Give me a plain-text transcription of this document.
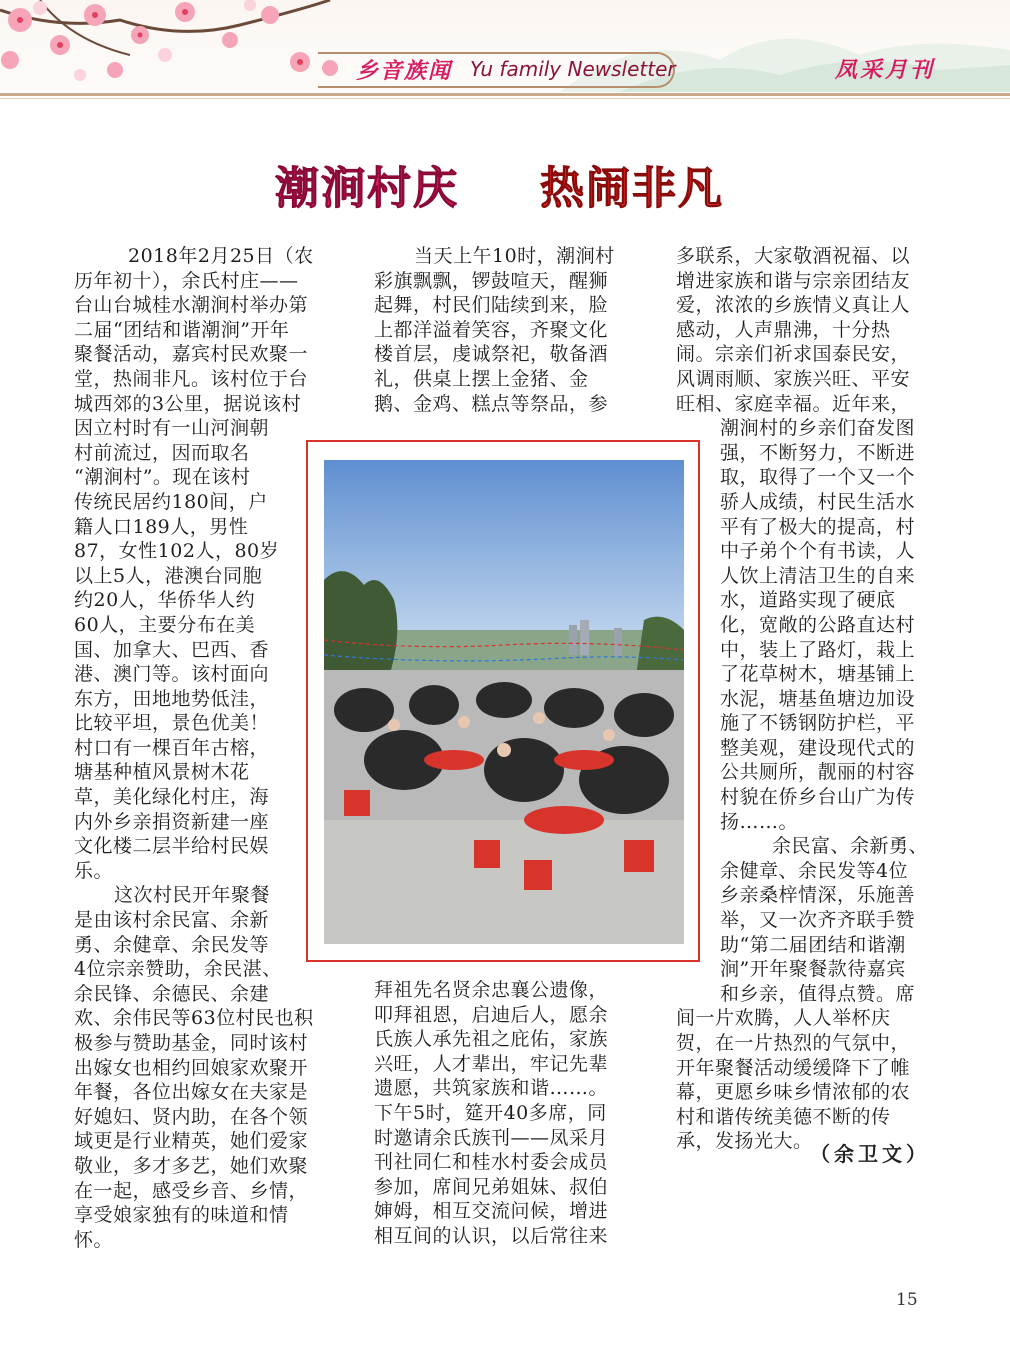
乡音族闻 Yu family Newsletter	凤采月刊
潮涧村庆 热闹非凡

2018年2月25日（农

历年初十），余氏村庄——

台山台城桂水潮涧村举办第

二届“团结和谐潮涧”开年

聚餐活动，嘉宾村民欢聚一

堂，热闹非凡。该村位于台

城西郊的3公里，据说该村

因立村时有一山河涧朝

村前流过，因而取名

“潮涧村”。现在该村

传统民居约180间，户

籍人口189人，男性

87，女性102人，80岁

以上5人，港澳台同胞

约20人，华侨华人约

60人，主要分布在美

国、加拿大、巴西、香

港、澳门等。该村面向

东方，田地地势低洼，

比较平坦，景色优美！

村口有一棵百年古榕，

塘基种植风景树木花

草，美化绿化村庄，海

内外乡亲捐资新建一座

文化楼二层半给村民娱

乐。

这次村民开年聚餐

是由该村余民富、余新

勇、余健章、余民发等

4位宗亲赞助，余民湛、

余民锋、余德民、余建

欢、余伟民等63位村民也积

极参与赞助基金，同时该村

出嫁女也相约回娘家欢聚开

年餐，各位出嫁女在夫家是

好媳妇、贤内助，在各个领

域更是行业精英，她们爱家

敬业，多才多艺，她们欢聚

在一起，感受乡音、乡情，

享受娘家独有的味道和情

怀。

当天上午10时，潮涧村

彩旗飘飘，锣鼓喧天，醒狮

起舞，村民们陆续到来，脸

上都洋溢着笑容，齐聚文化

楼首层，虔诚祭祀，敬备酒

礼，供桌上摆上金猪、金

鹅、金鸡、糕点等祭品，参

拜祖先名贤余忠襄公遗像，

叩拜祖恩，启迪后人，愿余

氏族人承先祖之庇佑，家族

兴旺，人才辈出，牢记先辈

遗愿，共筑家族和谐……。

下午5时，筵开40多席，同

时邀请余氏族刊——凤采月

刊社同仁和桂水村委会成员

参加，席间兄弟姐妹、叔伯

婶姆，相互交流问候，增进

相互间的认识，以后常往来

多联系，大家敬酒祝福、以

增进家族和谐与宗亲团结友

爱，浓浓的乡族情义真让人

感动，人声鼎沸，十分热

闹。宗亲们祈求国泰民安，

风调雨顺、家族兴旺、平安

旺相、家庭幸福。近年来，

潮涧村的乡亲们奋发图

强，不断努力，不断进

取，取得了一个又一个

骄人成绩，村民生活水

平有了极大的提高，村

中子弟个个有书读，人

人饮上清洁卫生的自来

水，道路实现了硬底

化，宽敞的公路直达村

中，装上了路灯，栽上

了花草树木，塘基铺上

水泥，塘基鱼塘边加设

施了不锈钢防护栏，平

整美观，建设现代式的

公共厕所，靓丽的村容

村貌在侨乡台山广为传

扬……。

余民富、余新勇、

余健章、余民发等4位

乡亲桑梓情深，乐施善

举，又一次齐齐联手赞

助“第二届团结和谐潮

涧”开年聚餐款待嘉宾

和乡亲，值得点赞。席

间一片欢腾，人人举杯庆

贺，在一片热烈的气氛中，

开年聚餐活动缓缓降下了帷

幕，更愿乡味乡情浓郁的农

村和谐传统美德不断的传

承，发扬光大。

（余卫文）
15
